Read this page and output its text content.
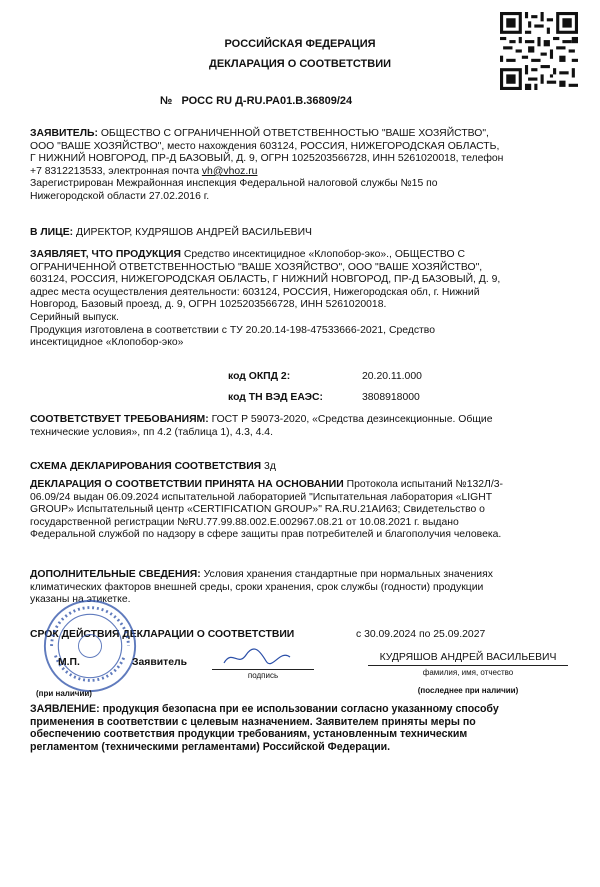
РОССИЙСКАЯ ФЕДЕРАЦИЯ
ДЕКЛАРАЦИЯ О СООТВЕТСТВИИ
№ РОСС RU Д-RU.PA01.B.36809/24
ЗАЯВИТЕЛЬ: ОБЩЕСТВО С ОГРАНИЧЕННОЙ ОТВЕТСТВЕННОСТЬЮ "ВАШЕ ХОЗЯЙСТВО",
ООО "ВАШЕ ХОЗЯЙСТВО", место нахождения 603124, РОССИЯ, НИЖЕГОРОДСКАЯ ОБЛАСТЬ,
Г НИЖНИЙ НОВГОРОД, ПР-Д БАЗОВЫЙ, Д. 9, ОГРН 1025203566728, ИНН 5261020018, телефон
+7 8312213533, электронная почта vh@vhoz.ru
Зарегистрирован Межрайонная инспекция Федеральной налоговой службы №15 по
Нижегородской области 27.02.2016 г.
В ЛИЦЕ: ДИРЕКТОР, КУДРЯШОВ АНДРЕЙ ВАСИЛЬЕВИЧ
ЗАЯВЛЯЕТ, ЧТО ПРОДУКЦИЯ Средство инсектицидное «Клопобор-эко»., ОБЩЕСТВО С
ОГРАНИЧЕННОЙ ОТВЕТСТВЕННОСТЬЮ "ВАШЕ ХОЗЯЙСТВО", ООО "ВАШЕ ХОЗЯЙСТВО",
603124, РОССИЯ, НИЖЕГОРОДСКАЯ ОБЛАСТЬ, Г НИЖНИЙ НОВГОРОД, ПР-Д БАЗОВЫЙ, Д. 9,
адрес места осуществления деятельности: 603124, РОССИЯ, Нижегородская обл, г. Нижний
Новгород, Базовый проезд, д. 9, ОГРН 1025203566728, ИНН 5261020018.
Серийный выпуск.
Продукция изготовлена в соответствии с ТУ 20.20.14-198-47533666-2021, Средство
инсектицидное «Клопобор-эко»
код ОКПД 2:	20.20.11.000
код ТН ВЭД ЕАЭС:	3808918000
СООТВЕТСТВУЕТ ТРЕБОВАНИЯМ: ГОСТ Р 59073-2020, «Средства дезинсекционные. Общие
технические условия», пп 4.2 (таблица 1), 4.3, 4.4.
СХЕМА ДЕКЛАРИРОВАНИЯ СООТВЕТСТВИЯ 3д
ДЕКЛАРАЦИЯ О СООТВЕТСТВИИ ПРИНЯТА НА ОСНОВАНИИ Протокола испытаний №132Л/3-
06.09/24 выдан 06.09.2024 испытательной лабораторией "Испытательная лаборатория «LIGHT
GROUP» Испытательный центр «CERTIFICATION GROUP»" RA.RU.21АИ63; Свидетельство о
государственной регистрации №RU.77.99.88.002.Е.002967.08.21 от 10.08.2021 г. выдано
Федеральной службой по надзору в сфере защиты прав потребителей и благополучия человека.
ДОПОЛНИТЕЛЬНЫЕ СВЕДЕНИЯ: Условия хранения стандартные при нормальных значениях
климатических факторов внешней среды, сроки хранения, срок службы (годности) продукции
указаны на этикетке.
СРОК ДЕЙСТВИЯ ДЕКЛАРАЦИИ О СООТВЕТСТВИИ	с 30.09.2024 по 25.09.2027
М.П.	Заявитель
подпись
КУДРЯШОВ АНДРЕЙ ВАСИЛЬЕВИЧ
фамилия, имя, отчество
(при наличии)	(последнее при наличии)
ЗАЯВЛЕНИЕ: продукция безопасна при ее использовании согласно указанному способу
применения в соответствии с целевым назначением. Заявителем приняты меры по
обеспечению соответствия продукции требованиям, установленным техническим
регламентом (техническими регламентами) Российской Федерации.
